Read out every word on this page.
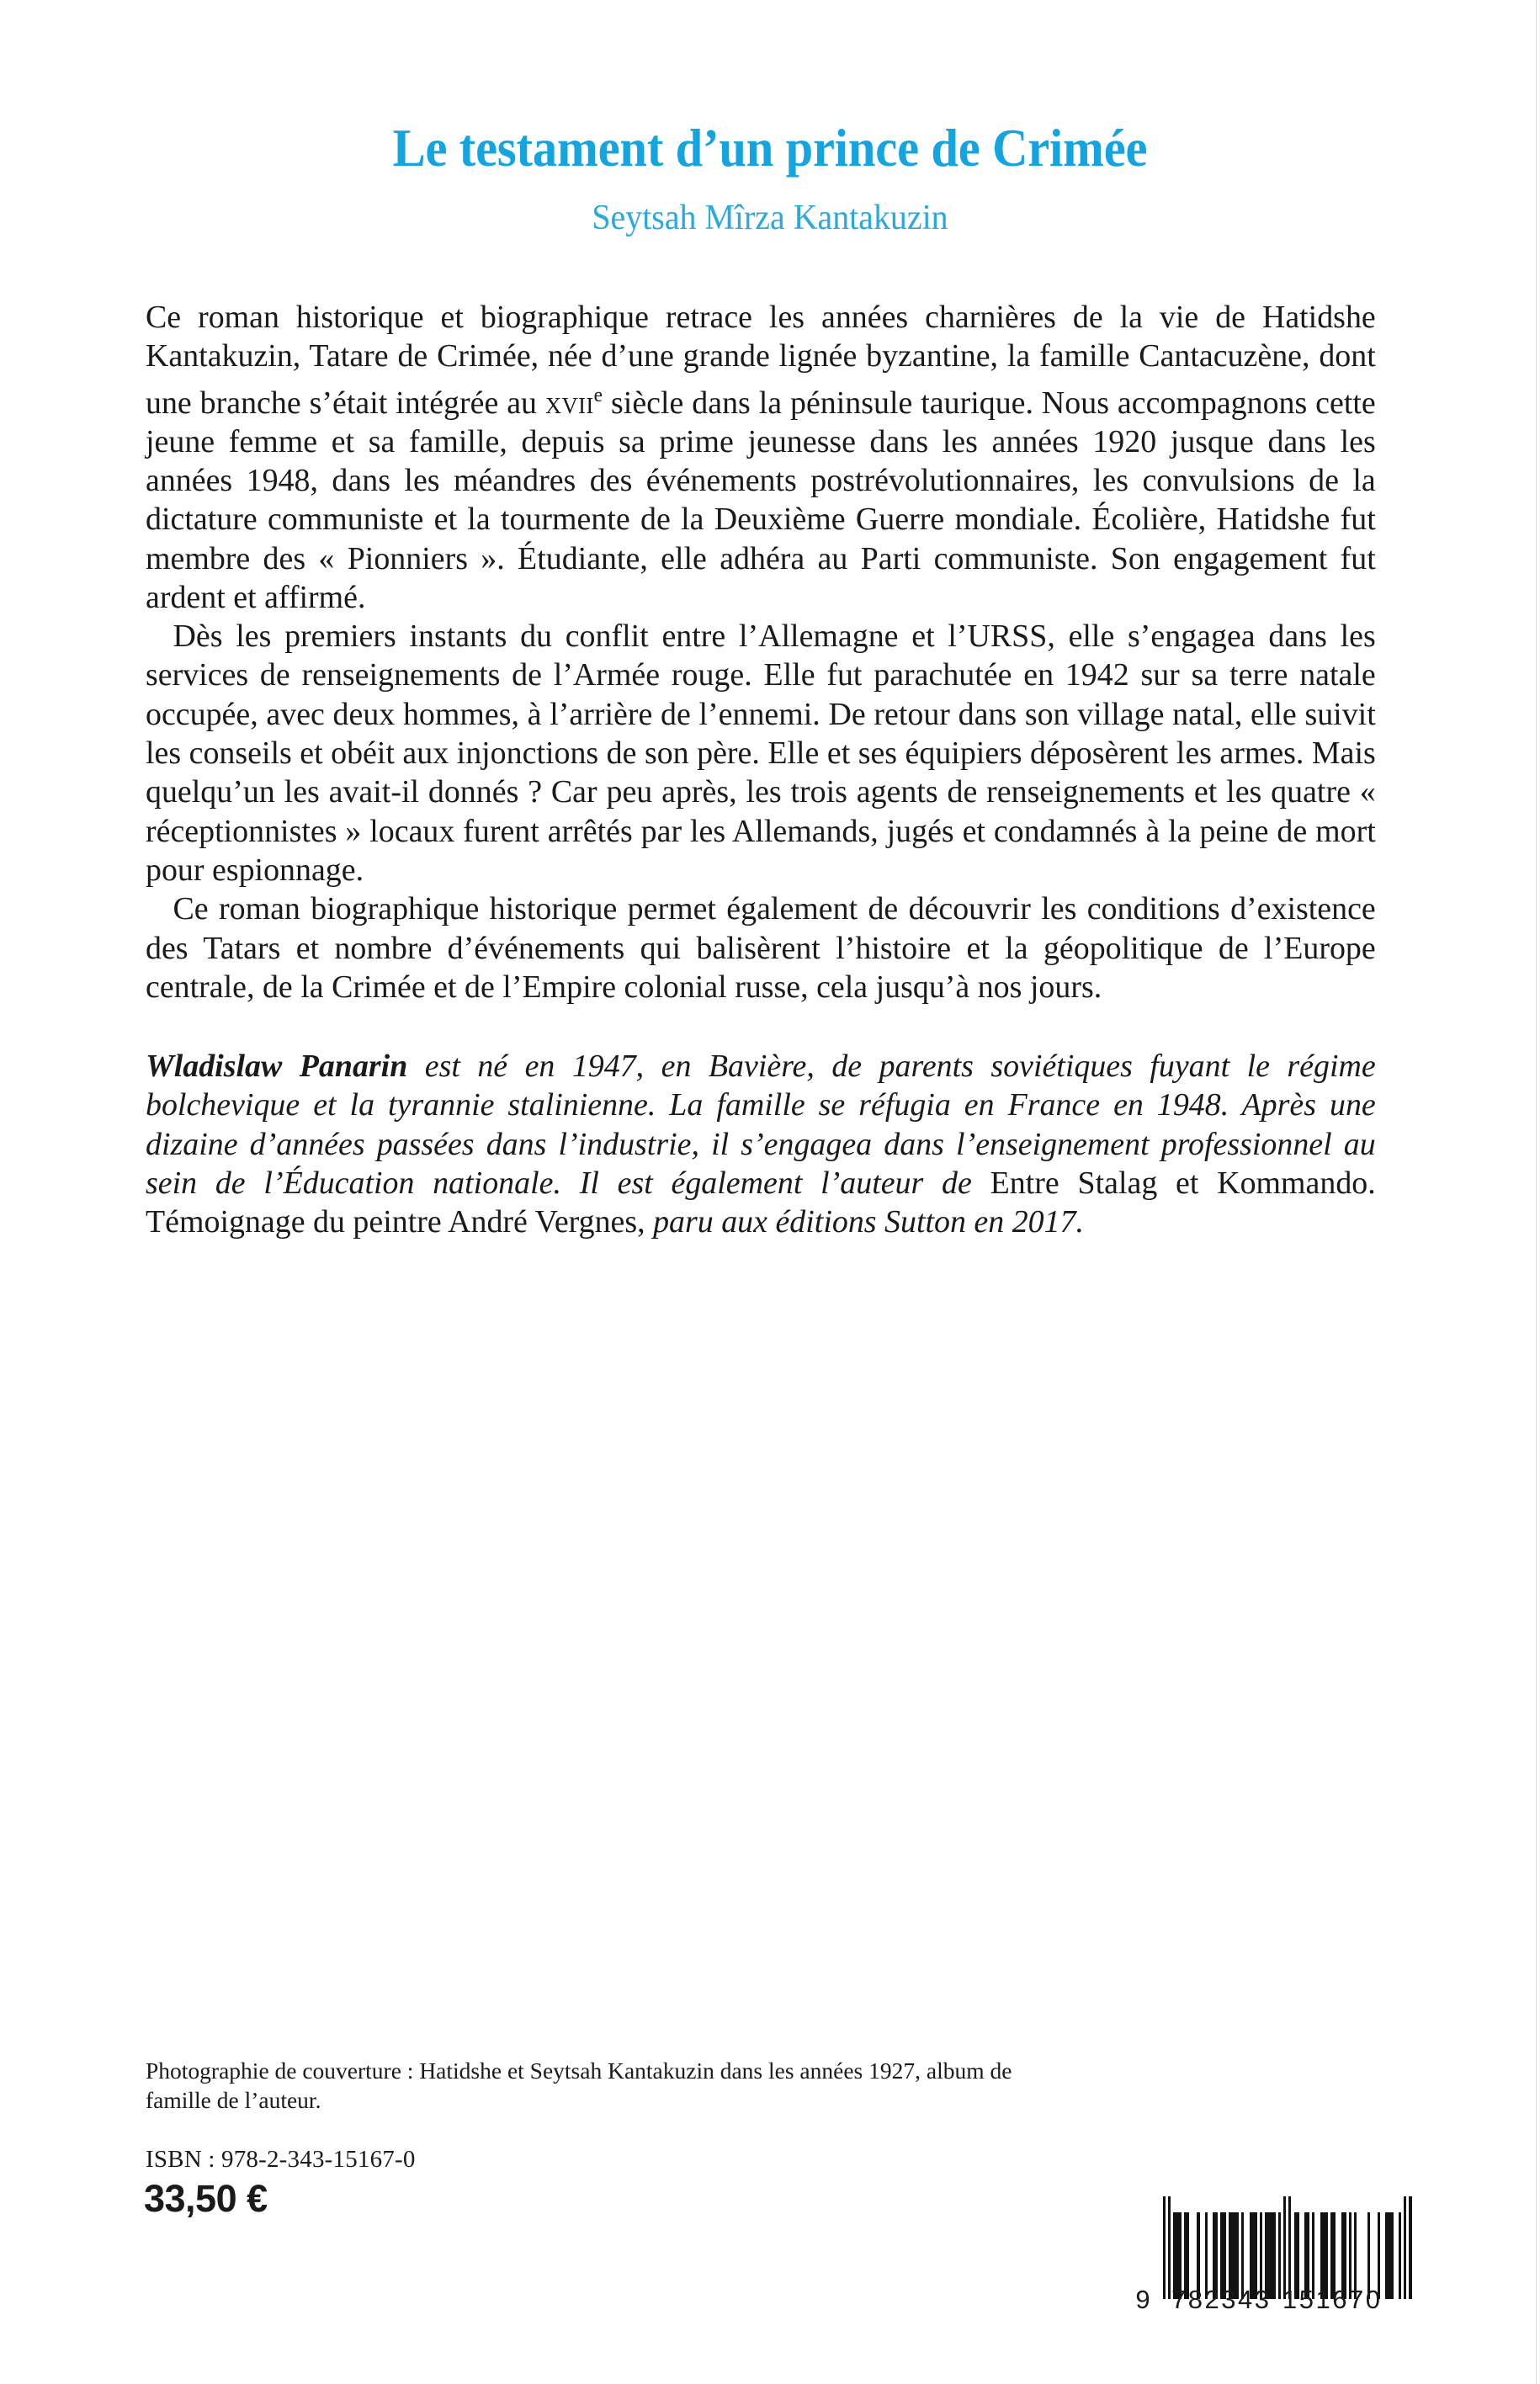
Le testament d’un prince de Crimée
Seytsah Mîrza Kantakuzin

Ce roman historique et biographique retrace les années charnières de la vie de Hatidshe Kantakuzin, Tatare de Crimée, née d’une grande lignée byzantine, la famille Cantacuzène, dont une branche s’était intégrée au xvii$^e$ siècle dans la péninsule taurique. Nous accompagnons cette jeune femme et sa famille, depuis sa prime jeunesse dans les années 1920 jusque dans les années 1948, dans les méandres des événements postrévolutionnaires, les convulsions de la dictature communiste et la tourmente de la Deuxième Guerre mondiale. Écolière, Hatidshe fut membre des « Pionniers ». Étudiante, elle adhéra au Parti communiste. Son engagement fut ardent et affirmé.

Dès les premiers instants du conflit entre l’Allemagne et l’URSS, elle s’engagea dans les services de renseignements de l’Armée rouge. Elle fut parachutée en 1942 sur sa terre natale occupée, avec deux hommes, à l’arrière de l’ennemi. De retour dans son village natal, elle suivit les conseils et obéit aux injonctions de son père. Elle et ses équipiers déposèrent les armes. Mais quelqu’un les avait-il donnés ? Car peu après, les trois agents de renseignements et les quatre « réceptionnistes » locaux furent arrêtés par les Allemands, jugés et condamnés à la peine de mort pour espionnage.

Ce roman biographique historique permet également de découvrir les conditions d’existence des Tatars et nombre d’événements qui balisèrent l’histoire et la géopolitique de l’Europe centrale, de la Crimée et de l’Empire colonial russe, cela jusqu’à nos jours.

Wladislaw Panarin est né en 1947, en Bavière, de parents soviétiques fuyant le régime bolchevique et la tyrannie stalinienne. La famille se réfugia en France en 1948. Après une dizaine d’années passées dans l’industrie, il s’engagea dans l’enseignement professionnel au sein de l’Éducation nationale. Il est également l’auteur de Entre Stalag et Kommando. Témoignage du peintre André Vergnes, paru aux éditions Sutton en 2017.

Photographie de couverture : Hatidshe et Seytsah Kantakuzin dans les années 1927, album de famille de l’auteur.
ISBN : 978-2-343-15167-0
33,50 €
9 7 8 2 3 4 3 1 5 1 6 7 0
